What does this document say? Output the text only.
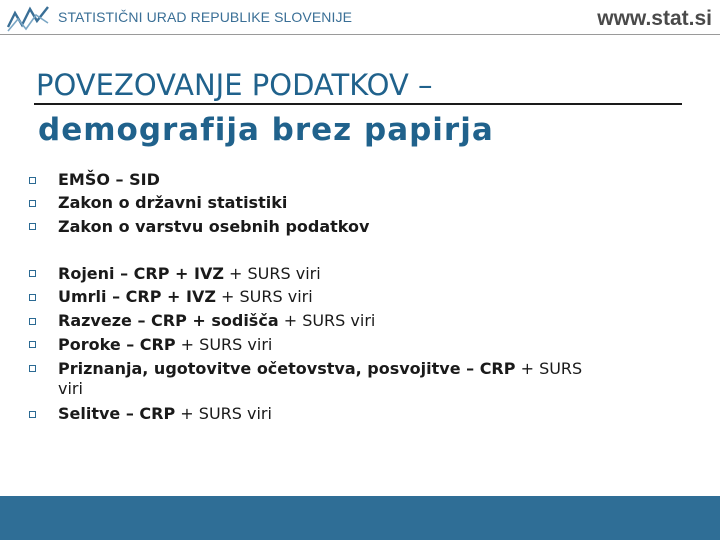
STATISTIČNI URAD REPUBLIKE SLOVENIJE	www.stat.si
POVEZOVANJE PODATKOV –
demografija brez papirja
EMŠO – SID
Zakon o državni statistiki
Zakon o varstvu osebnih podatkov
Rojeni – CRP + IVZ + SURS viri
Umrli – CRP + IVZ + SURS viri
Razveze – CRP + sodišča + SURS viri
Poroke – CRP + SURS viri
Priznanja, ugotovitve očetovstva, posvojitve – CRP + SURS
viri
Selitve – CRP + SURS viri
